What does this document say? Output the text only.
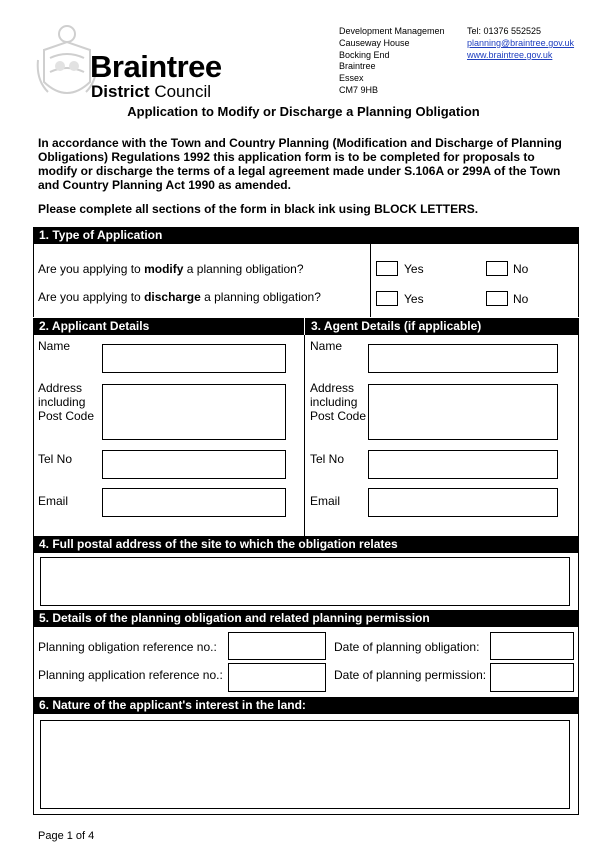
Braintree
District Council
Development Managemen
Causeway House
Bocking End
Braintree
Essex
CM7 9HB
Tel: 01376 552525
planning@braintree.gov.uk
www.braintree.gov.uk
Application to Modify or Discharge a Planning Obligation
In accordance with the Town and Country Planning (Modification and Discharge of Planning Obligations) Regulations 1992 this application form is to be completed for proposals to modify or discharge the terms of a legal agreement made under S.106A or 299A of the Town and Country Planning Act 1990 as amended.
Please complete all sections of the form in black ink using BLOCK LETTERS.
1. Type of Application
Are you applying to modify a planning obligation?	Yes	No
Are you applying to discharge a planning obligation?	Yes	No
2. Applicant Details	3. Agent Details (if applicable)
Name
Address
including
Post Code
Tel No
Email
Name
Address
including
Post Code
Tel No
Email
4. Full postal address of the site to which the obligation relates
5. Details of the planning obligation and related planning permission
Planning obligation reference no.:	Date of planning obligation:
Planning application reference no.:	Date of planning permission:
6. Nature of the applicant's interest in the land:
Page 1 of 4
